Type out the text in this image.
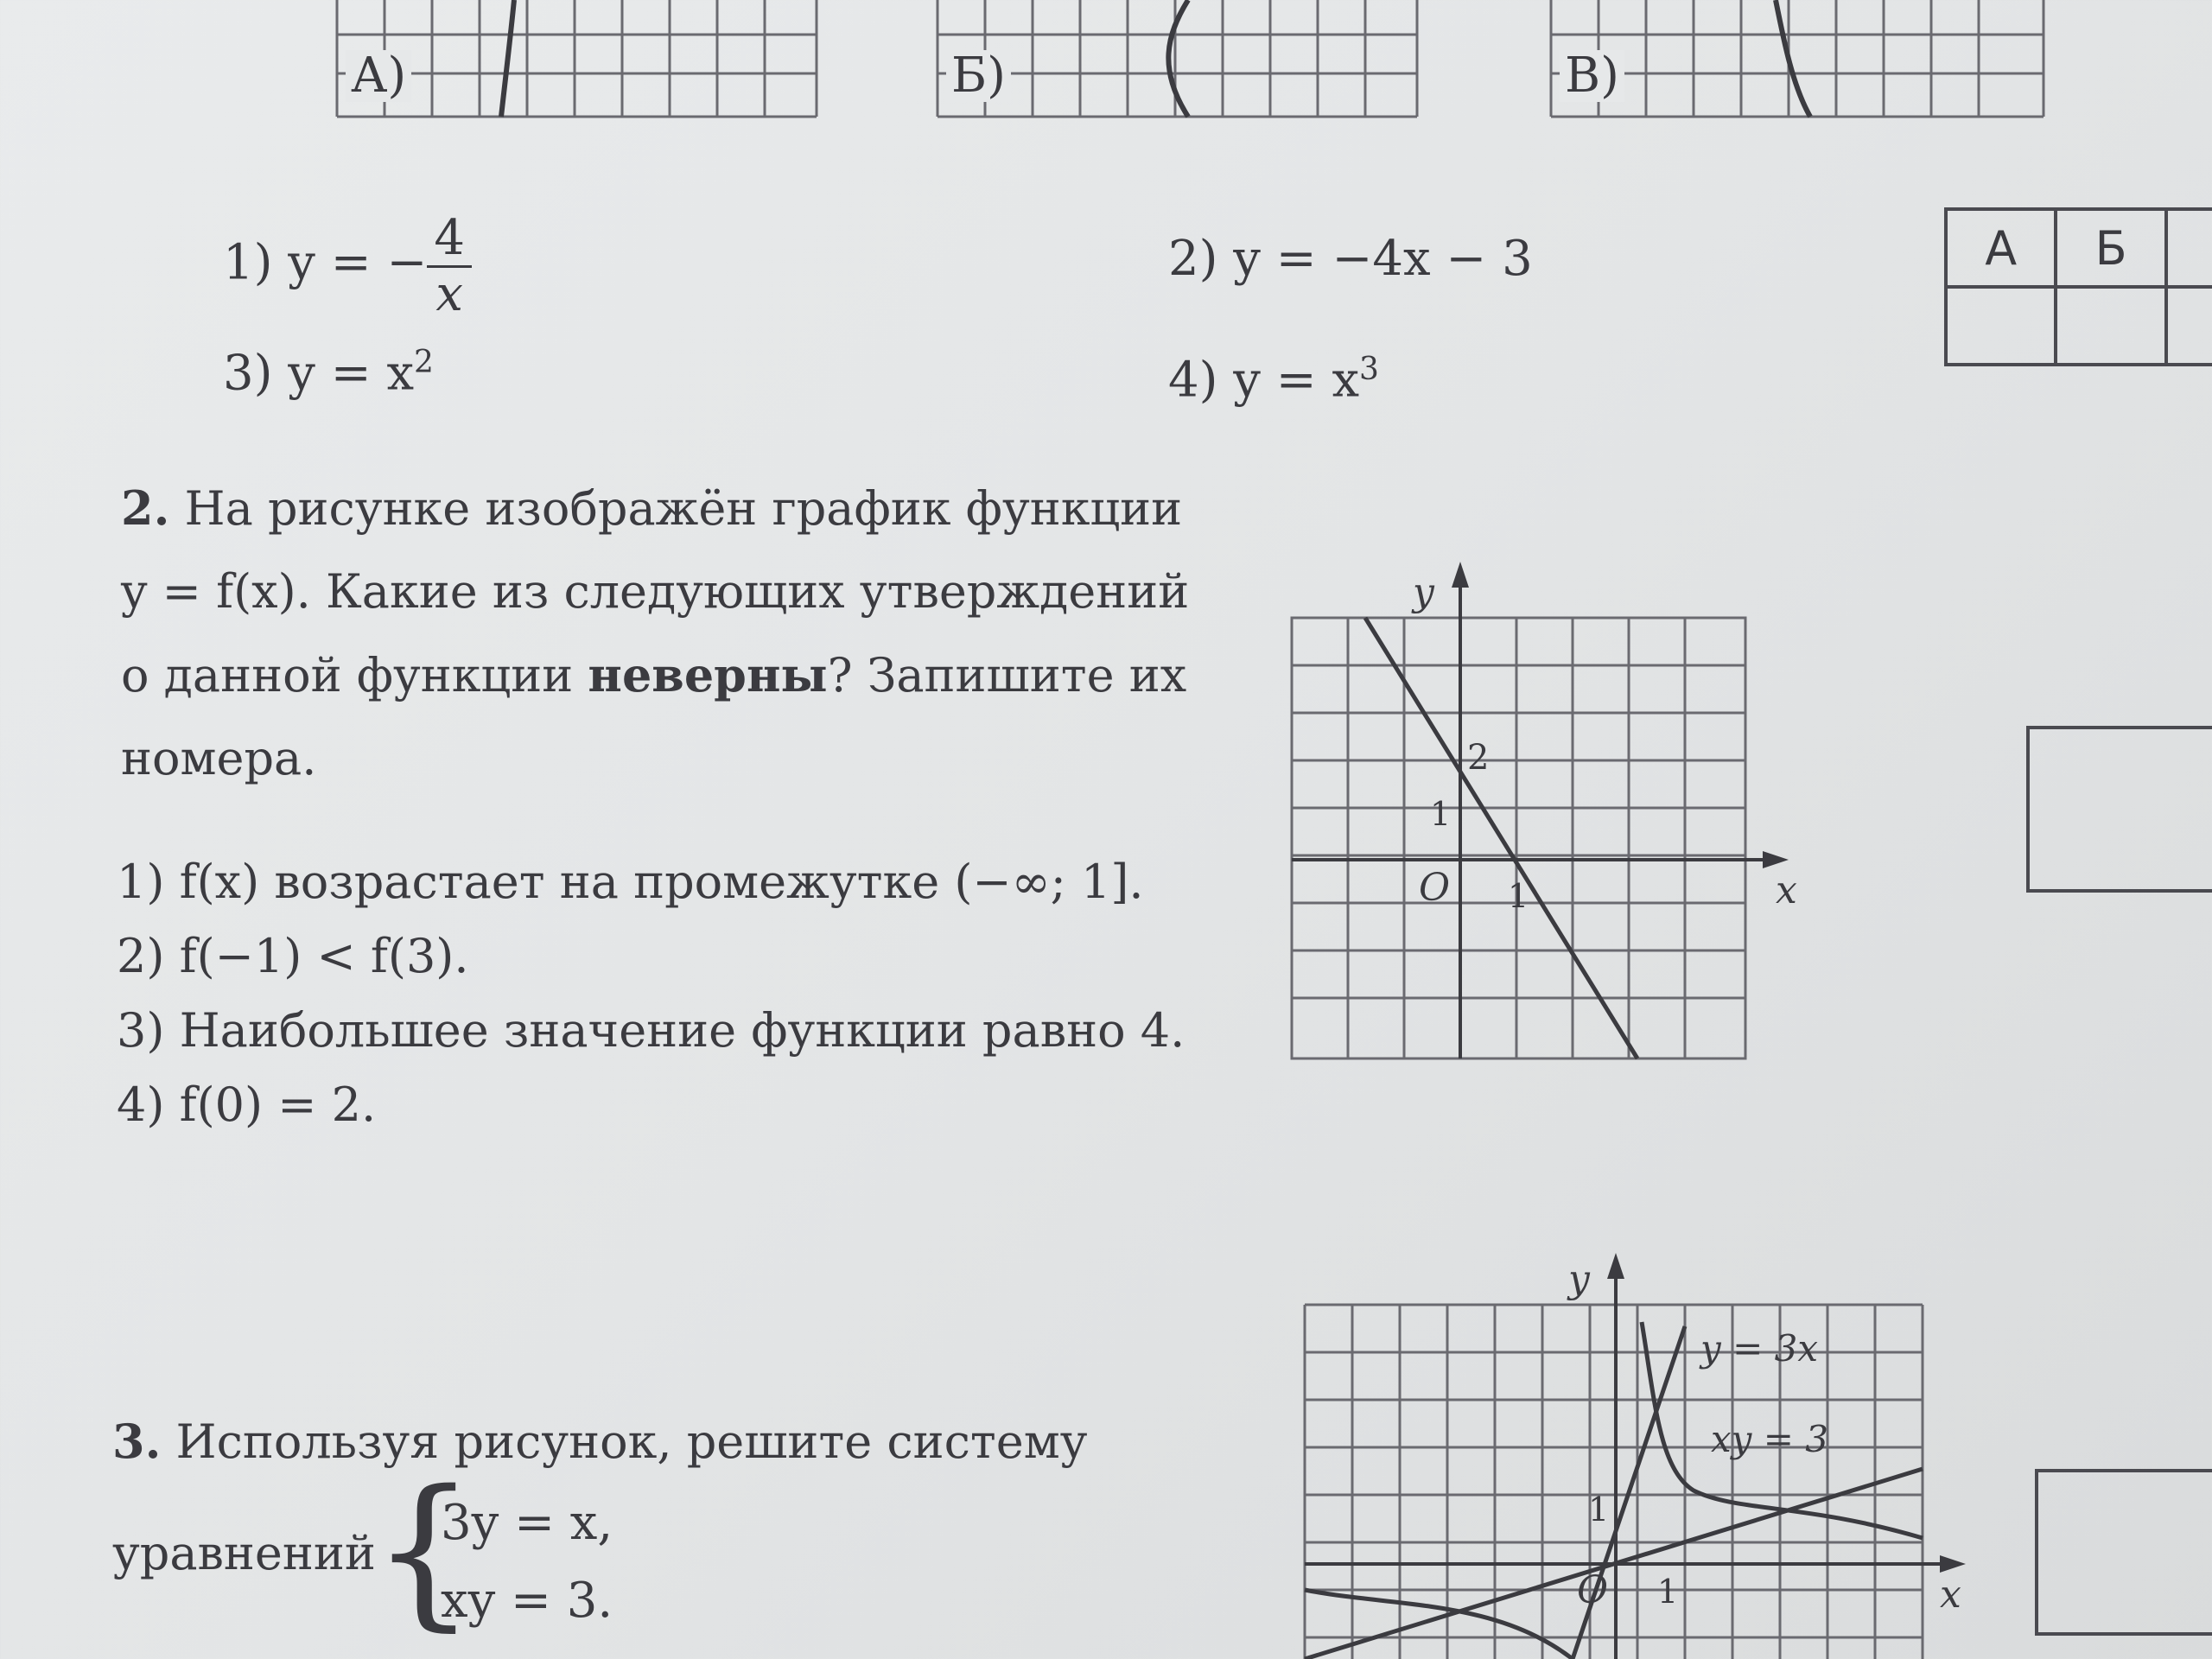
А)	Б)	В)
1) y = − $\frac{4}{x}$	2) y = −4x − 3
3) $y = x^2$	4) $y = x^3$
А	Б	

2. На рисунке изображён график функции
y = f(x). Какие из следующих утверждений
о данной функции неверны? Запишите их
номера.
1) f(x) возрастает на промежутке (−∞; 1].
2) f(−1) < f(3).
3) Наибольшее значение функции равно 4.
4) f(0) = 2.
y
x
O 1
1
2
3. Используя рисунок, решите систему
уравнений
{
3y = x,
xy = 3.
y
x
O 1
1
y = 3x
xy = 3
